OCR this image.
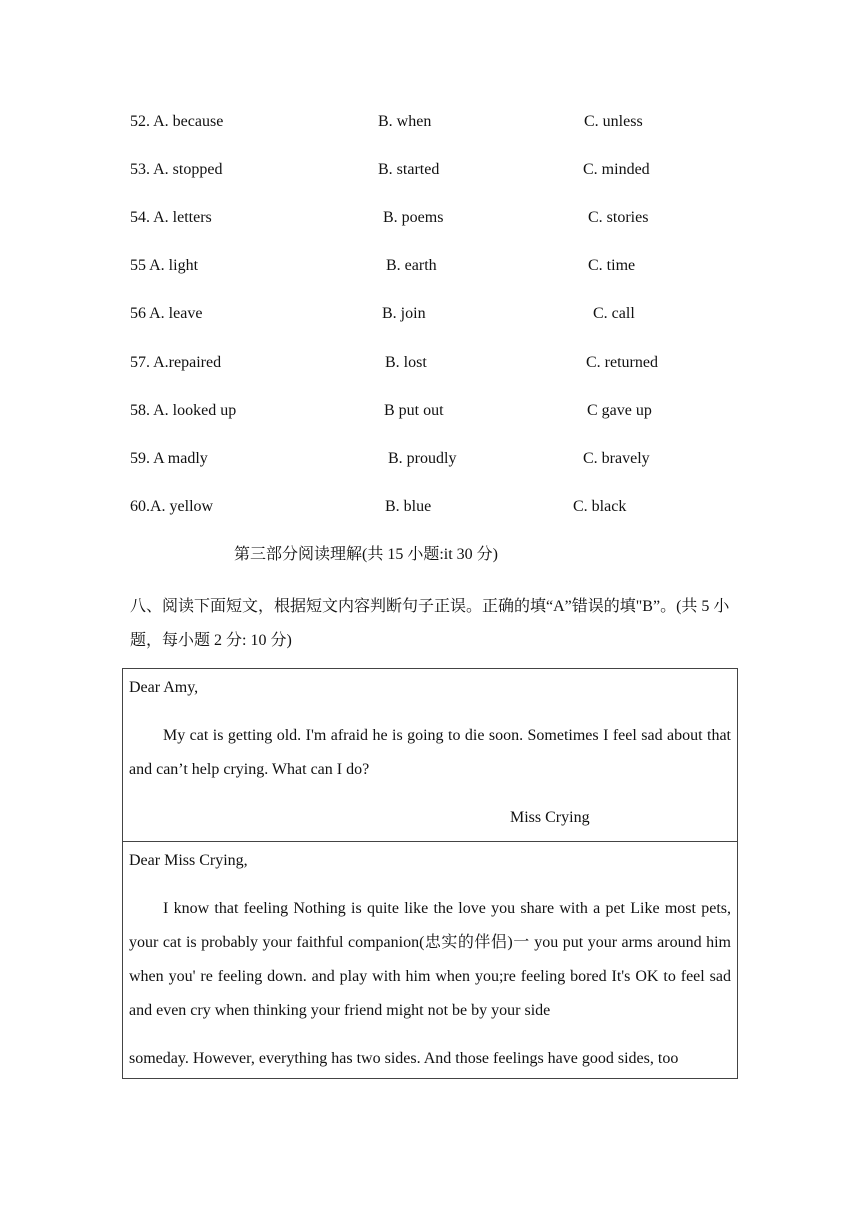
52. A. because	B. when	C. unless
53. A. stopped	B. started	C. minded
54. A. letters	B. poems	C. stories
55 A. light	B. earth	C. time
56 A. leave	B. join	C. call
57. A.repaired	B. lost	C. returned
58. A. looked up	B put out	C gave up
59. A madly	B. proudly	C. bravely
60.A. yellow	B. blue	C. black
第三部分阅读理解(共 15 小题:it 30 分)
八、阅读下面短文，根据短文内容判断句子正误。正确的填“A”错误的填"B”。(共 5 小题，每小题 2 分: 10 分)
Dear Amy,
My cat is getting old. I'm afraid he is going to die soon. Sometimes I feel sad about that and can’t help crying. What can I do?
Miss Crying

Dear Miss Crying,
I know that feeling Nothing is quite like the love you share with a pet Like most pets, your cat is probably your faithful companion(忠实的伴侣)一 you put your arms around him when you' re feeling down. and play with him when you;re feeling bored It's OK to feel sad and even cry when thinking your friend might not be by your side
someday. However, everything has two sides. And those feelings have good sides, too
